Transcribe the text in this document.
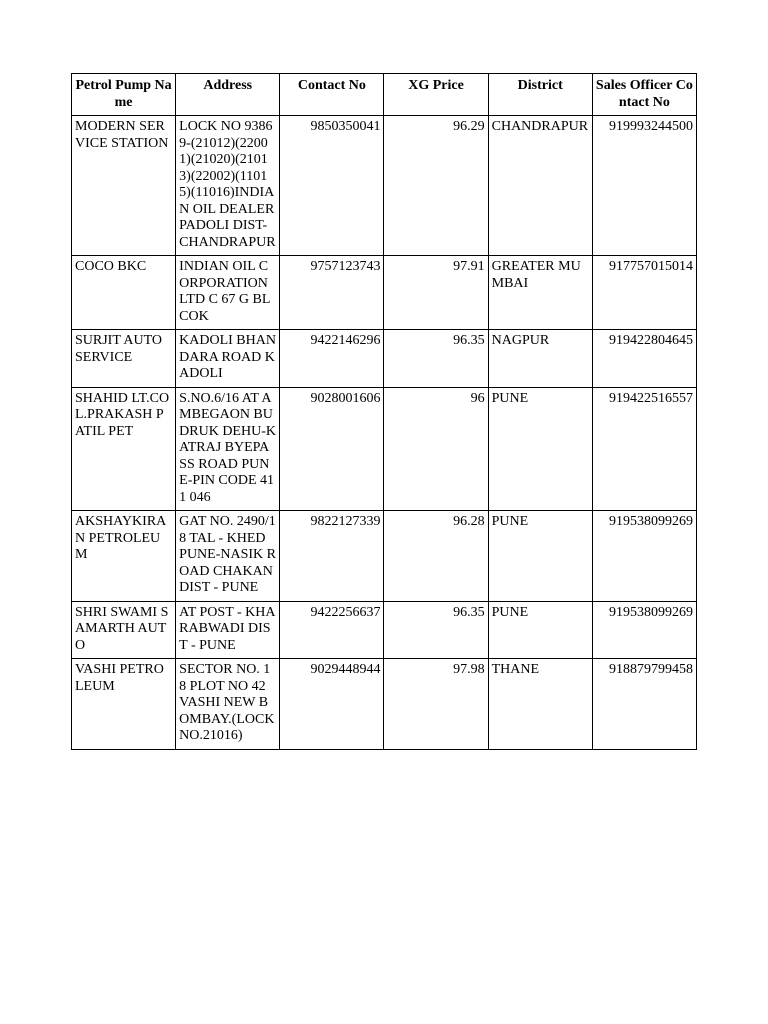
Petrol Pump Name	Address	Contact No	XG Price	District	Sales Officer Contact No
MODERN SERVICE STATION	LOCK NO 93869-(21012)(22001)(21020)(21013)(22002)(11015)(11016)INDIAN OIL DEALERPADOLI DIST-CHANDRAPUR	9850350041	96.29	CHANDRAPUR	919993244500
COCO BKC	INDIAN OIL CORPORATION LTD C 67 G BLCOK	9757123743	97.91	GREATER MUMBAI	917757015014
SURJIT AUTO SERVICE	KADOLI BHANDARA ROAD KADOLI	9422146296	96.35	NAGPUR	919422804645
SHAHID LT.COL.PRAKASH PATIL PET	S.NO.6/16 AT AMBEGAON BUDRUK DEHU-KATRAJ BYEPASS ROAD PUNE-PIN CODE 411 046	9028001606	96	PUNE	919422516557
AKSHAYKIRAN PETROLEUM	GAT NO. 2490/18 TAL - KHED PUNE-NASIK ROAD CHAKAN DIST - PUNE	9822127339	96.28	PUNE	919538099269
SHRI SWAMI SAMARTH AUTO	AT POST - KHARABWADI DIST - PUNE	9422256637	96.35	PUNE	919538099269
VASHI PETROLEUM	SECTOR NO. 18 PLOT NO 42 VASHI NEW BOMBAY.(LOCK NO.21016)	9029448944	97.98	THANE	918879799458
